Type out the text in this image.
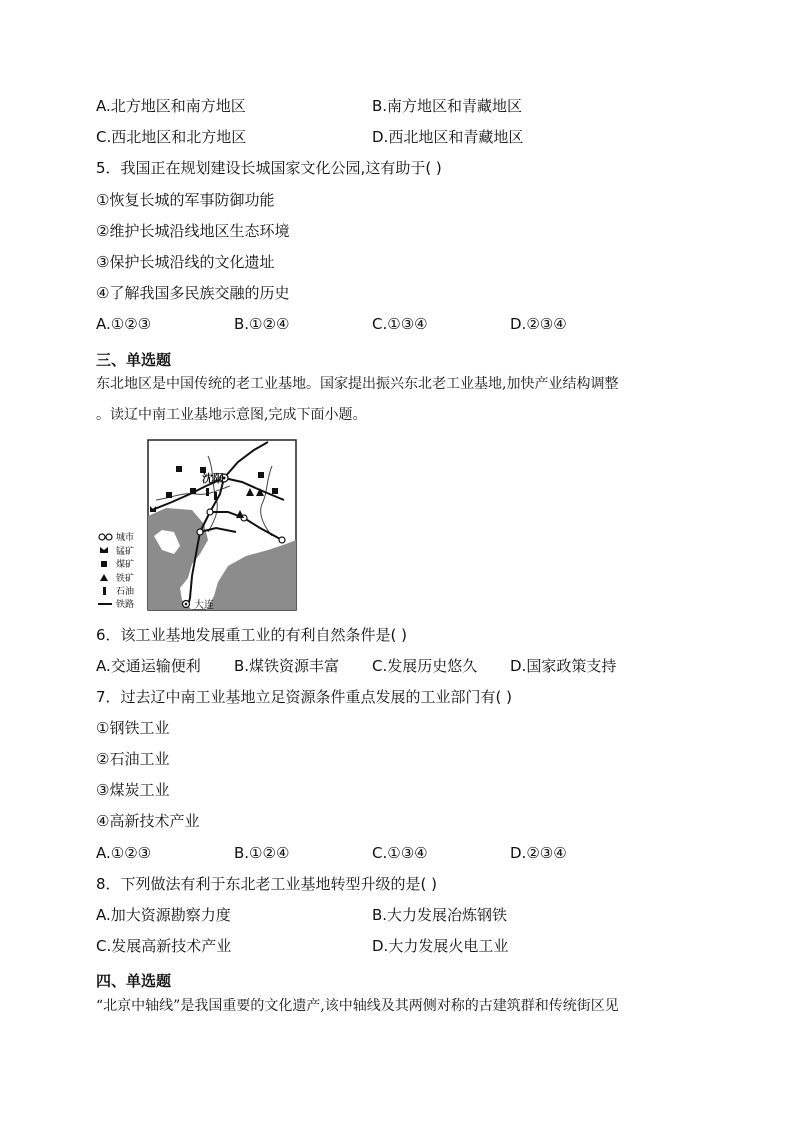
A.北方地区和南方地区	B.南方地区和青藏地区
C.西北地区和北方地区	D.西北地区和青藏地区
5．我国正在规划建设长城国家文化公园,这有助于( )
①恢复长城的军事防御功能
②维护长城沿线地区生态环境
③保护长城沿线的文化遗址
④了解我国多民族交融的历史
A.①②③	B.①②④	C.①③④	D.②③④
三、单选题
东北地区是中国传统的老工业基地。国家提出振兴东北老工业基地,加快产业结构调整
。读辽中南工业基地示意图,完成下面小题。
沈阳
大连
城市
锰矿
煤矿
铁矿
石油
铁路
6．该工业基地发展重工业的有利自然条件是( )
A.交通运输便利 B.煤铁资源丰富 C.发展历史悠久 D.国家政策支持
7．过去辽中南工业基地立足资源条件重点发展的工业部门有( )
①钢铁工业
②石油工业
③煤炭工业
④高新技术产业
A.①②③	B.①②④	C.①③④	D.②③④
8．下列做法有利于东北老工业基地转型升级的是( )
A.加大资源勘察力度	B.大力发展冶炼钢铁
C.发展高新技术产业	D.大力发展火电工业
四、单选题
“北京中轴线”是我国重要的文化遗产,该中轴线及其两侧对称的古建筑群和传统街区见
